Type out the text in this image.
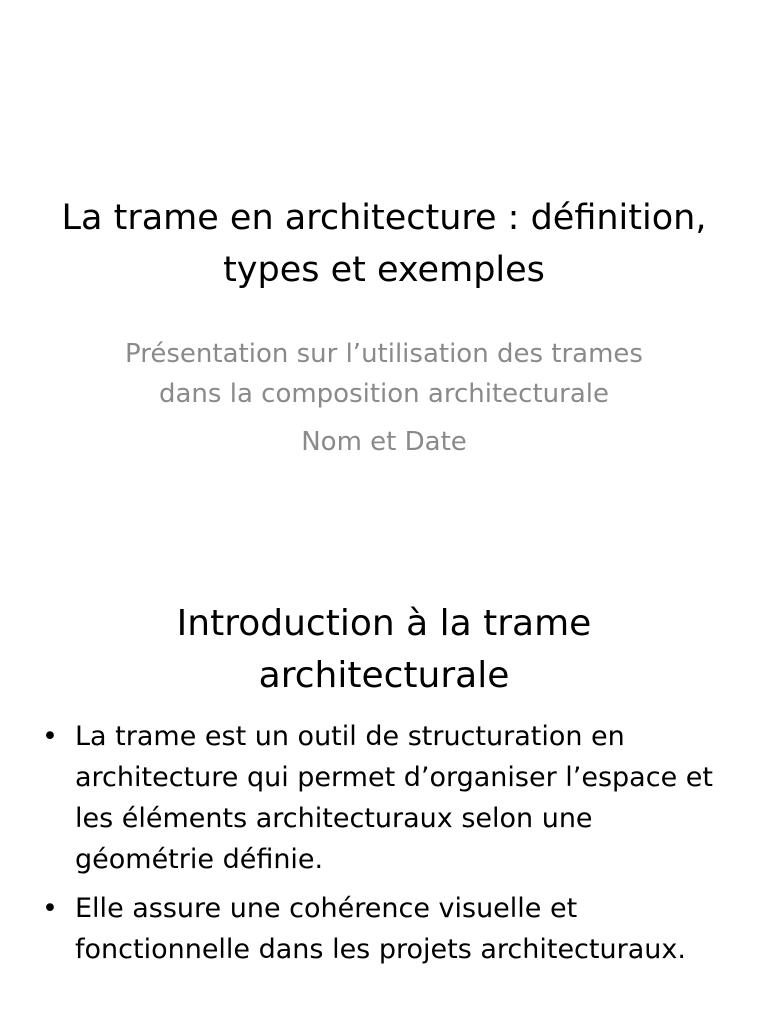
La trame en architecture : définition, types et exemples

Présentation sur l’utilisation des trames dans la composition architecturale

Nom et Date

Introduction à la trame architecturale
• La trame est un outil de structuration en architecture qui permet d’organiser l’espace et les éléments architecturaux selon une géométrie définie.
• Elle assure une cohérence visuelle et fonctionnelle dans les projets architecturaux.
